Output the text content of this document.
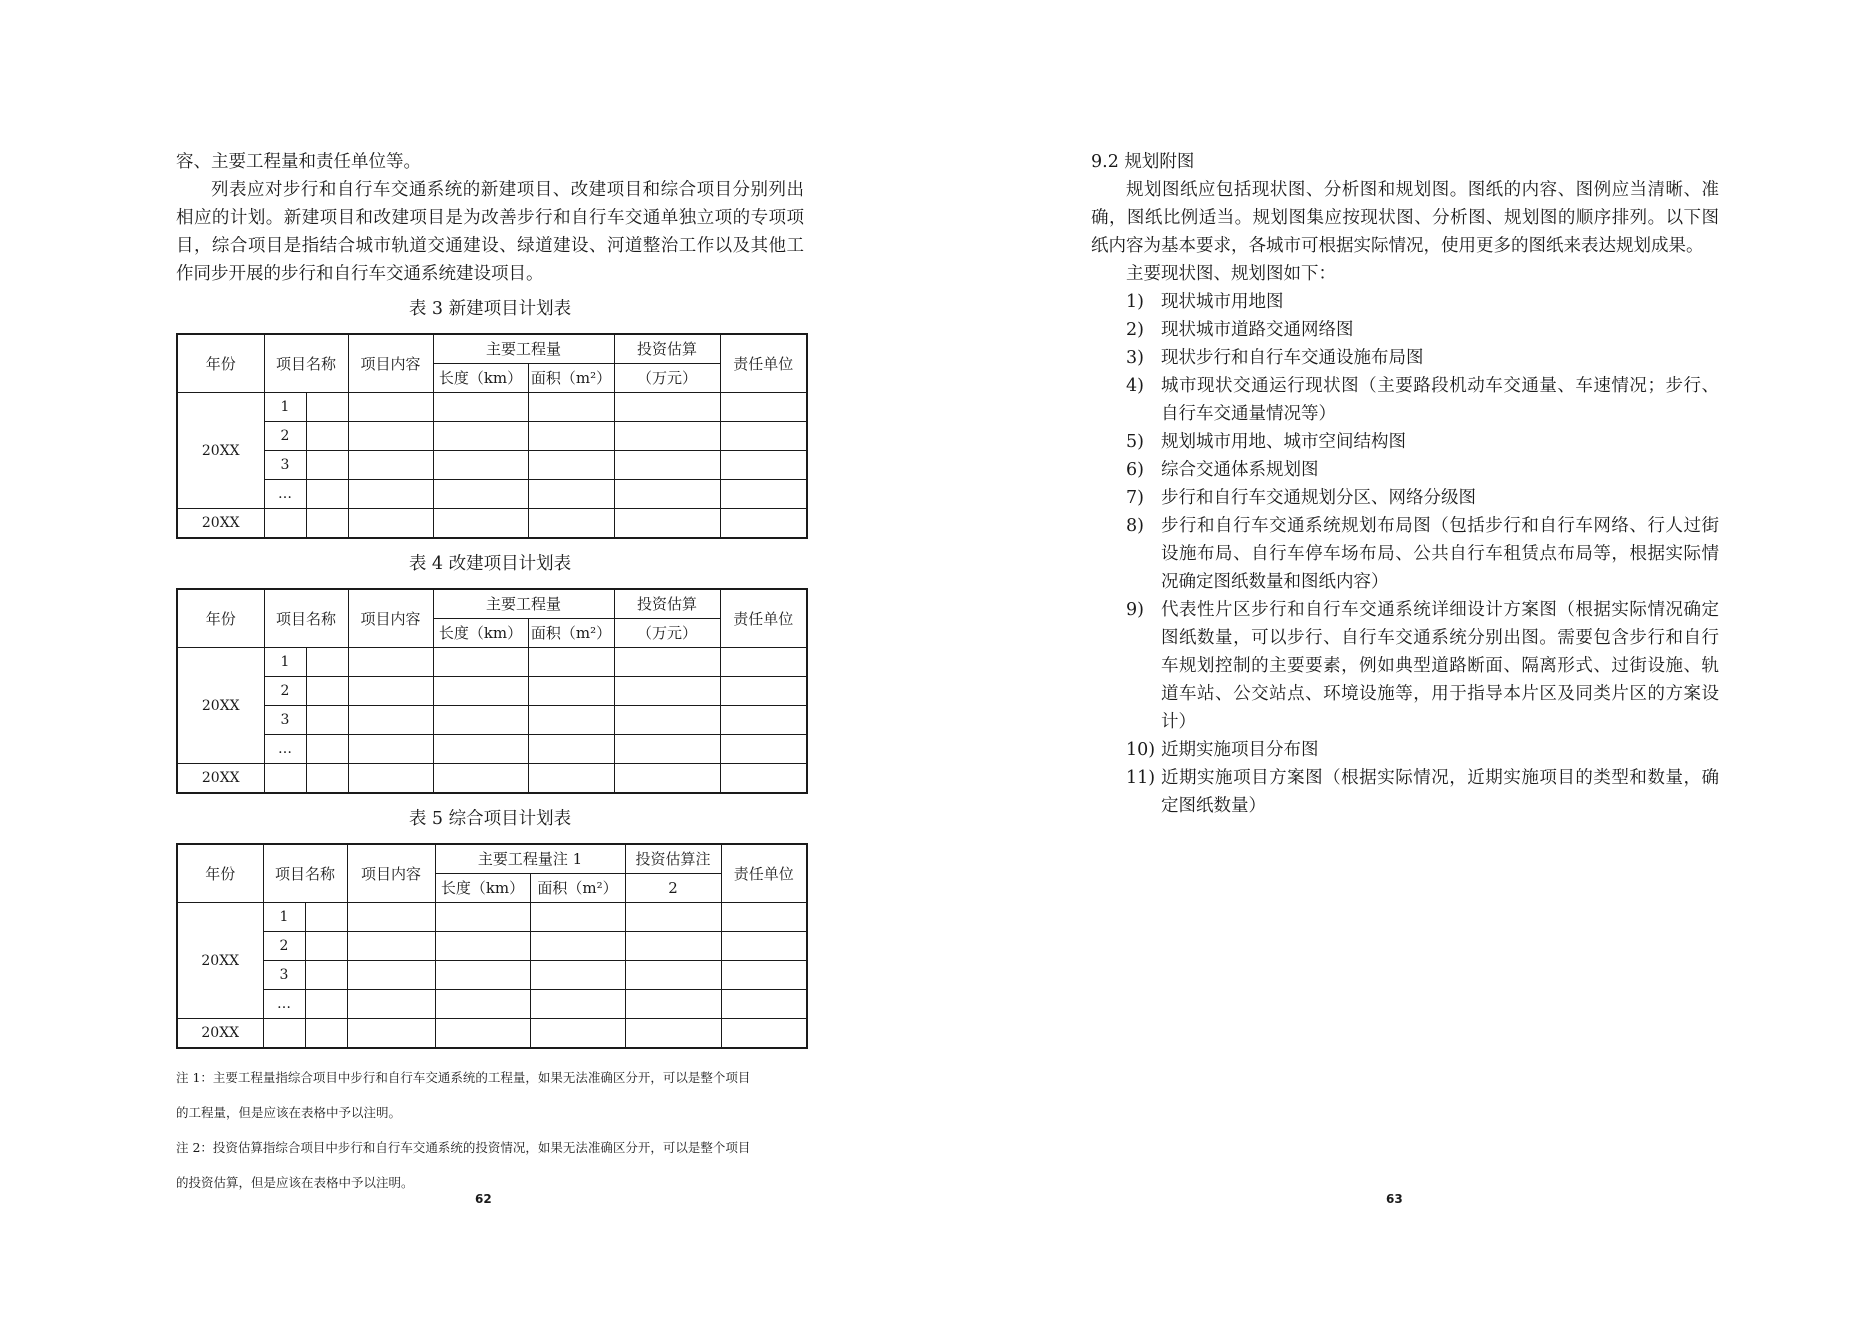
容、主要工程量和责任单位等。

列表应对步行和自行车交通系统的新建项目、改建项目和综合项目分别列出相应的计划。新建项目和改建项目是为改善步行和自行车交通单独立项的专项项目，综合项目是指结合城市轨道交通建设、绿道建设、河道整治工作以及其他工作同步开展的步行和自行车交通系统建设项目。

表 3 新建项目计划表
年份	项目名称		项目内容	主要工程量		投资估算	责任单位
				长度（km）	面积（m²）	（万元）	
20XX	1						
	2						
	3						
	…						
20XX							
表 4 改建项目计划表
年份	项目名称		项目内容	主要工程量		投资估算	责任单位
				长度（km）	面积（m²）	（万元）	
20XX	1						
	2						
	3						
	…						
20XX							
表 5 综合项目计划表
年份	项目名称		项目内容	主要工程量注 1		投资估算注	责任单位
				长度（km）	面积（m²）	2	
20XX	1						
	2						
	3						
	…						
20XX							

注 1：主要工程量指综合项目中步行和自行车交通系统的工程量，如果无法准确区分开，可以是整个项目

的工程量，但是应该在表格中予以注明。

注 2：投资估算指综合项目中步行和自行车交通系统的投资情况，如果无法准确区分开，可以是整个项目

的投资估算，但是应该在表格中予以注明。

62

9.2 规划附图

规划图纸应包括现状图、分析图和规划图。图纸的内容、图例应当清晰、准确，图纸比例适当。规划图集应按现状图、分析图、规划图的顺序排列。以下图纸内容为基本要求，各城市可根据实际情况，使用更多的图纸来表达规划成果。

主要现状图、规划图如下：

1) 现状城市用地图
2) 现状城市道路交通网络图
3) 现状步行和自行车交通设施布局图
4) 城市现状交通运行现状图（主要路段机动车交通量、车速情况；步行、自行车交通量情况等）
5) 规划城市用地、城市空间结构图
6) 综合交通体系规划图
7) 步行和自行车交通规划分区、网络分级图
8) 步行和自行车交通系统规划布局图（包括步行和自行车网络、行人过街设施布局、自行车停车场布局、公共自行车租赁点布局等，根据实际情况确定图纸数量和图纸内容）
9) 代表性片区步行和自行车交通系统详细设计方案图（根据实际情况确定图纸数量，可以步行、自行车交通系统分别出图。需要包含步行和自行车规划控制的主要要素，例如典型道路断面、隔离形式、过街设施、轨道车站、公交站点、环境设施等，用于指导本片区及同类片区的方案设计）
10) 近期实施项目分布图
11) 近期实施项目方案图（根据实际情况，近期实施项目的类型和数量，确定图纸数量）
63
